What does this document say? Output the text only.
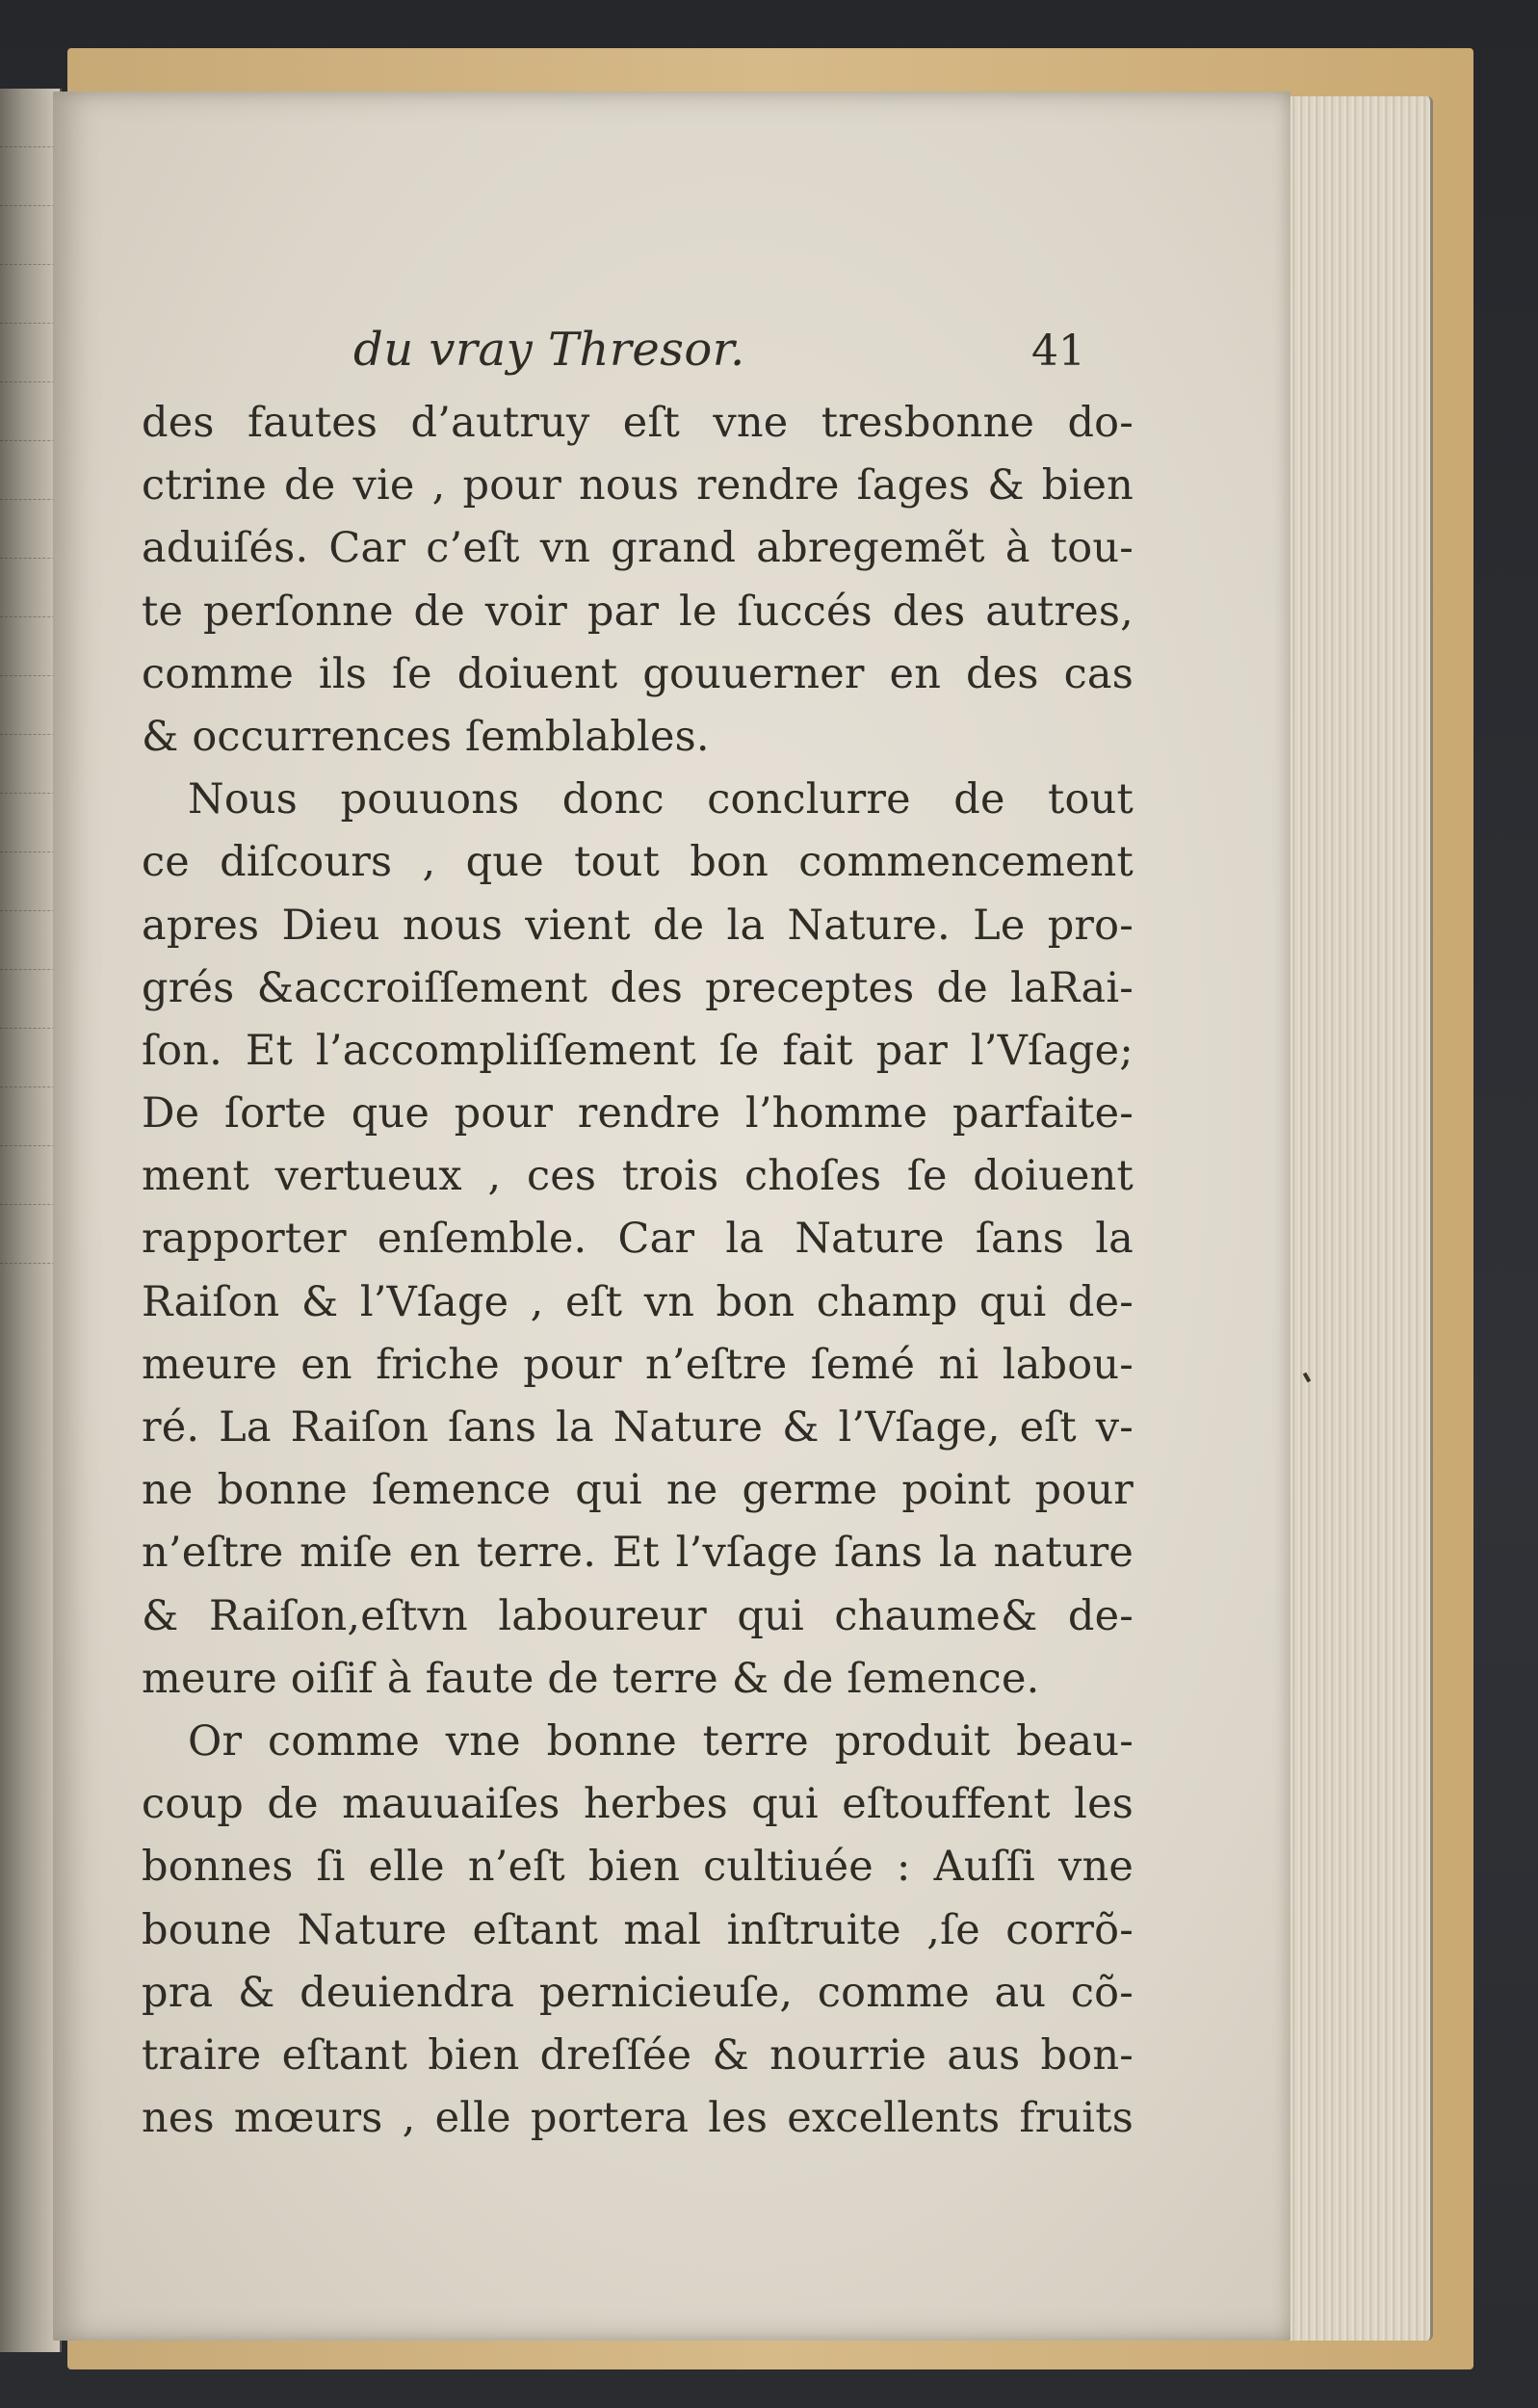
du vray Thresor.	41
des fautes d’autruy eſt vne tresbonne do-
ctrine de vie , pour nous rendre ſages & bien
aduiſés. Car c’eſt vn grand abregemẽt à tou-
te perſonne de voir par le ſuccés des autres,
comme ils ſe doiuent gouuerner en des cas
& occurrences ſemblables.
Nous pouuons donc conclurre de tout
ce diſcours , que tout bon commencement
apres Dieu nous vient de la Nature. Le pro-
grés &accroiſſement des preceptes de laRai-
ſon. Et l’accompliſſement ſe fait par l’Vſage;
De ſorte que pour rendre l’homme parfaite-
ment vertueux , ces trois choſes ſe doiuent
rapporter enſemble. Car la Nature ſans la
Raiſon & l’Vſage , eſt vn bon champ qui de-
meure en friche pour n’eſtre ſemé ni labou-
ré. La Raiſon ſans la Nature & l’Vſage, eſt v-
ne bonne ſemence qui ne germe point pour
n’eſtre miſe en terre. Et l’vſage ſans la nature
& Raiſon,eſtvn laboureur qui chaume& de-
meure oiſif à faute de terre & de ſemence.
Or comme vne bonne terre produit beau-
coup de mauuaiſes herbes qui eſtouffent les
bonnes ſi elle n’eſt bien cultiuée : Auſſi vne
boune Nature eſtant mal inſtruite ,ſe corrõ-
pra & deuiendra pernicieuſe, comme au cõ-
traire eſtant bien dreſſée & nourrie aus bon-
nes mœurs , elle portera les excellents fruits
